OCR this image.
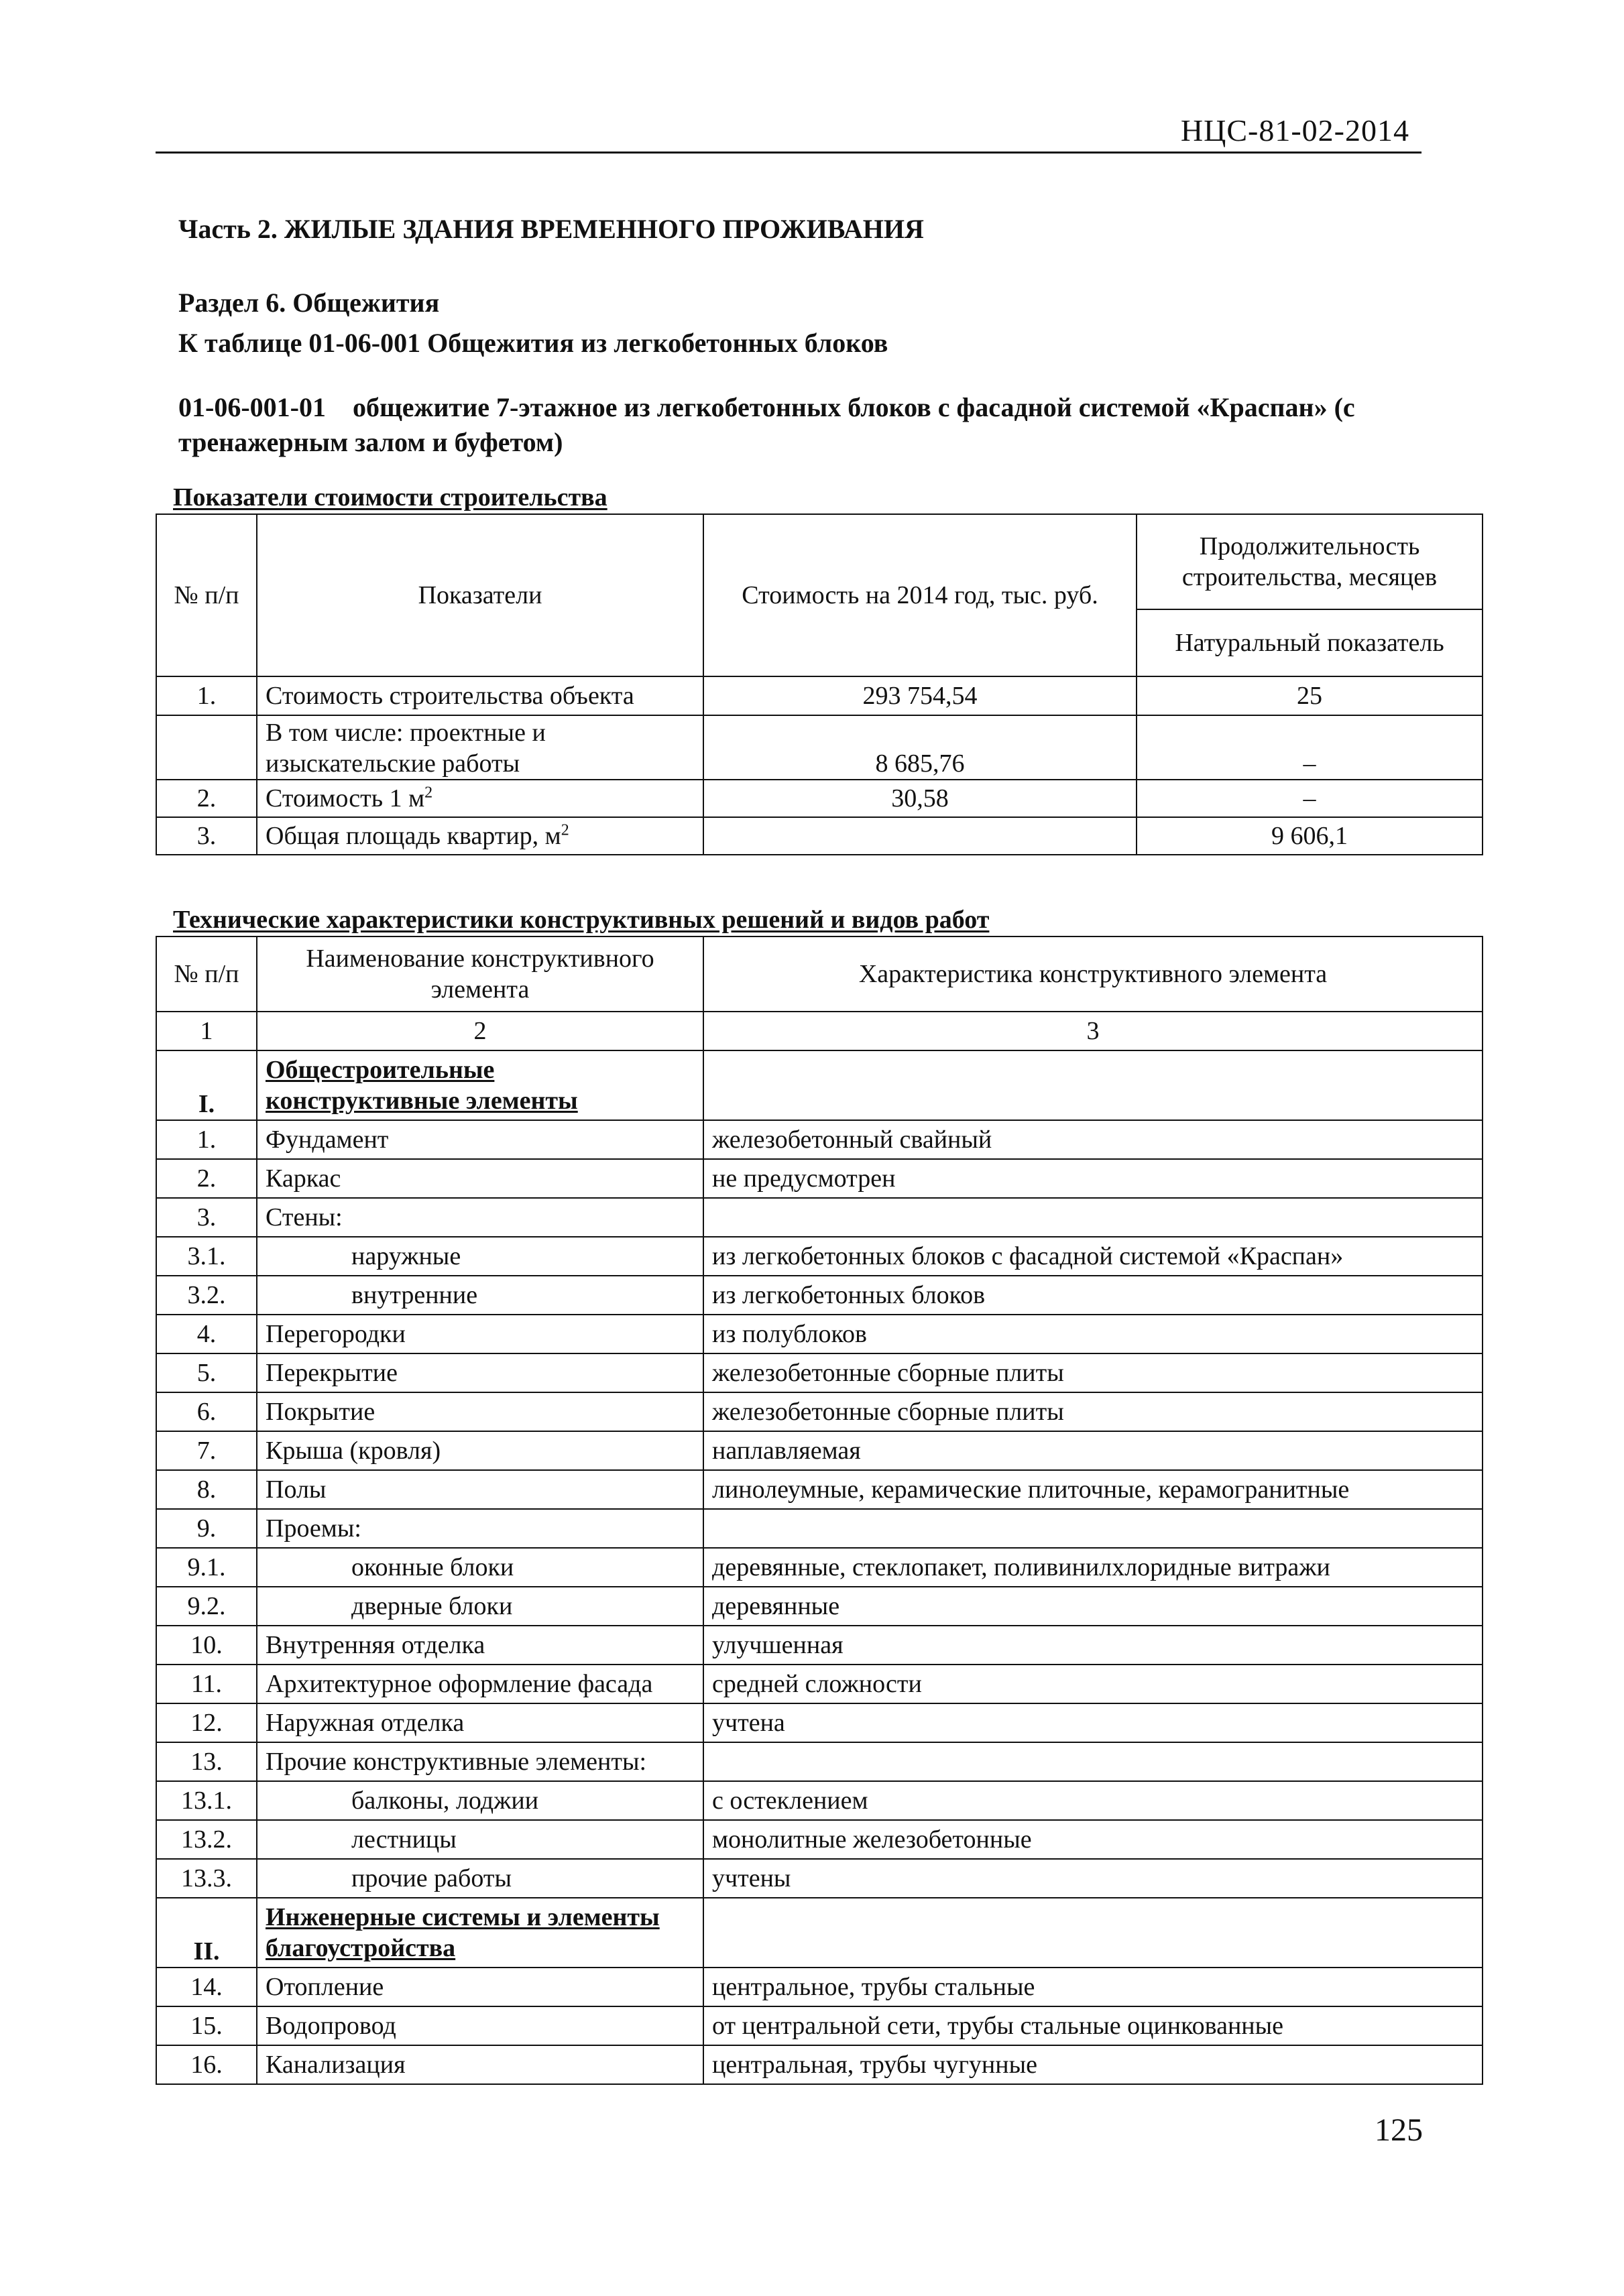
НЦС-81-02-2014
Часть 2. ЖИЛЫЕ ЗДАНИЯ ВРЕМЕННОГО ПРОЖИВАНИЯ
Раздел 6. Общежития
К таблице 01-06-001 Общежития из легкобетонных блоков
01-06-001-01 общежитие 7-этажное из легкобетонных блоков с фасадной системой «Краспан» (с тренажерным залом и буфетом)
Показатели стоимости строительства
№ п/п	Показатели	Стоимость на 2014 год, тыс. руб.	Продолжительность строительства, месяцев
			Натуральный показатель
1.	Стоимость строительства объекта	293 754,54	25
	В том числе: проектные и изыскательские работы	8 685,76	–
2.	Стоимость 1 $м^2$	30,58	–
3.	Общая площадь квартир, $м^2$		9 606,1
Технические характеристики конструктивных решений и видов работ
№ п/п	Наименование конструктивного элемента	Характеристика конструктивного элемента
1	2	3
I.	Общестроительные конструктивные элементы	
1.	Фундамент	железобетонный свайный
2.	Каркас	не предусмотрен
3.	Стены:	
3.1.	наружные	из легкобетонных блоков с фасадной системой «Краспан»
3.2.	внутренние	из легкобетонных блоков
4.	Перегородки	из полублоков
5.	Перекрытие	железобетонные сборные плиты
6.	Покрытие	железобетонные сборные плиты
7.	Крыша (кровля)	наплавляемая
8.	Полы	линолеумные, керамические плиточные, керамогранитные
9.	Проемы:	
9.1.	оконные блоки	деревянные, стеклопакет, поливинилхлоридные витражи
9.2.	дверные блоки	деревянные
10.	Внутренняя отделка	улучшенная
11.	Архитектурное оформление фасада	средней сложности
12.	Наружная отделка	учтена
13.	Прочие конструктивные элементы:	
13.1.	балконы, лоджии	с остеклением
13.2.	лестницы	монолитные железобетонные
13.3.	прочие работы	учтены
II.	Инженерные системы и элементы благоустройства	
14.	Отопление	центральное, трубы стальные
15.	Водопровод	от центральной сети, трубы стальные оцинкованные
16.	Канализация	центральная, трубы чугунные
125
